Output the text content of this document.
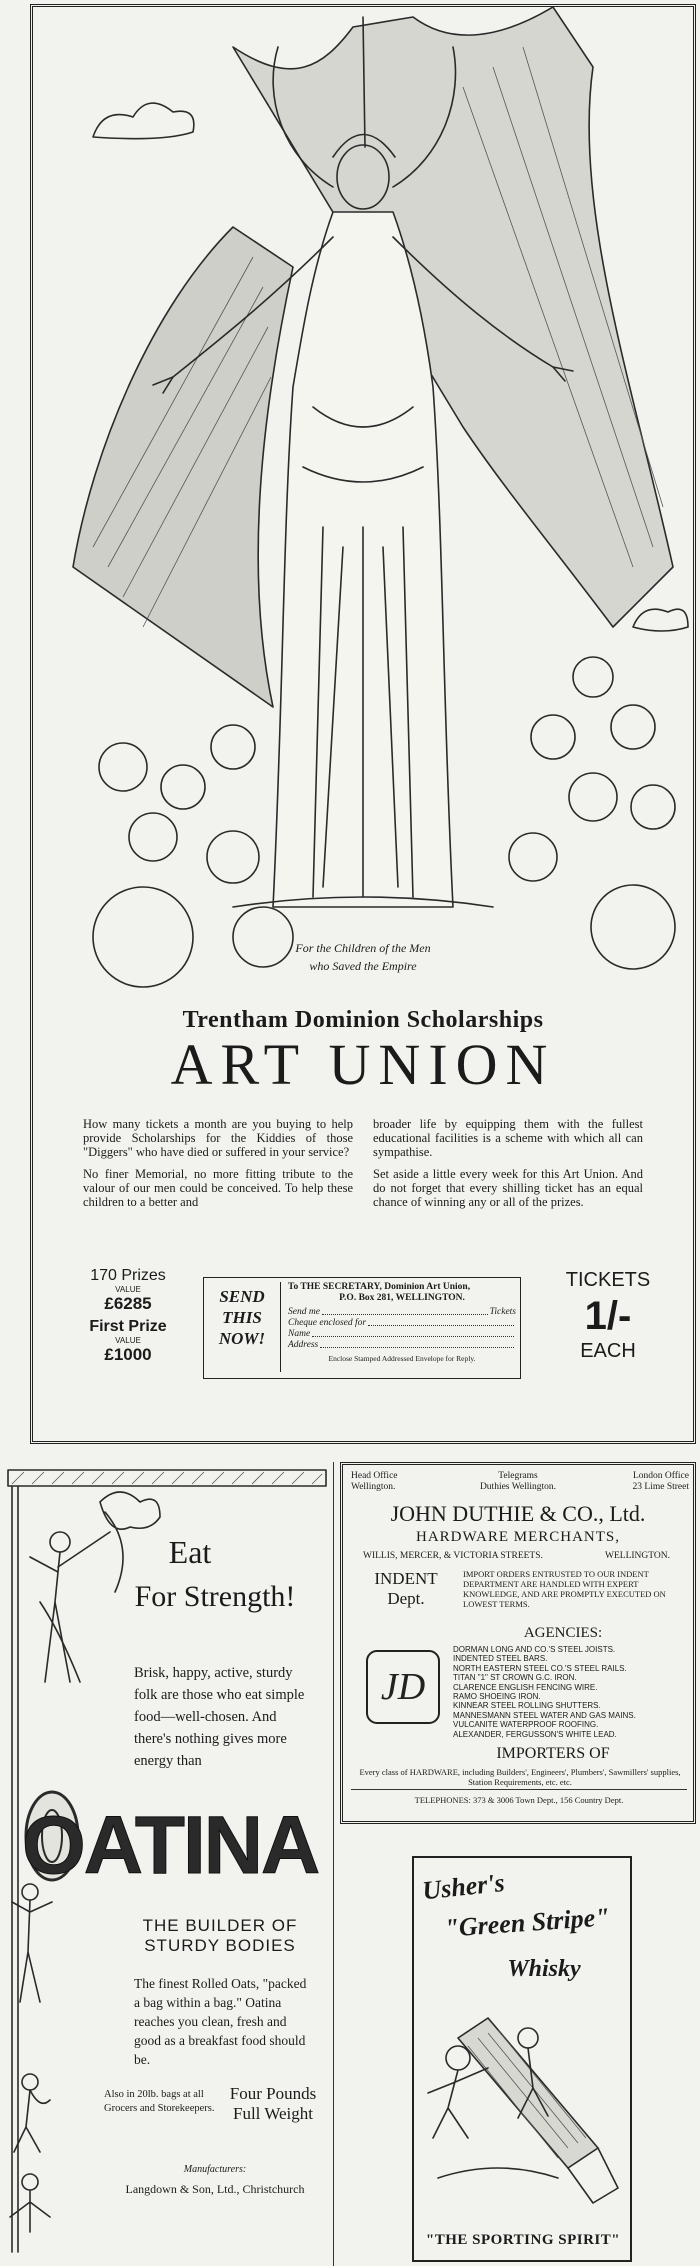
For the Children of the Men
who Saved the Empire
Trentham Dominion Scholarships
ART UNION
How many tickets a month are you buying to help provide Scholarships for the Kiddies of those "Diggers" who have died or suffered in your service?
No finer Memorial, no more fitting tribute to the valour of our men could be conceived. To help these children to a better and
broader life by equipping them with the fullest educational facilities is a scheme with which all can sympathise.
Set aside a little every week for this Art Union. And do not forget that every shilling ticket has an equal chance of winning any or all of the prizes.
170 Prizes
VALUE
£6285
First Prize
VALUE
£1000
SEND
THIS
NOW!
To THE SECRETARY, Dominion Art Union,
P.O. Box 281, WELLINGTON.
Send me	Tickets
Cheque enclosed for
Name
Address
Enclose Stamped Addressed Envelope for Reply.
TICKETS
1/-
EACH
Eat
For Strength!
Brisk, happy, active, sturdy folk are those who eat simple food—well-chosen. And there's nothing gives more energy than
OATINA
THE BUILDER OF
STURDY BODIES
The finest Rolled Oats, "packed a bag within a bag." Oatina reaches you clean, fresh and good as a breakfast food should be.
Also in 20lb. bags at all Grocers and Storekeepers.
Four Pounds
Full Weight
Manufacturers:
Langdown & Son, Ltd., Christchurch
Head Office
Wellington.
Telegrams
Duthies Wellington.
London Office
23 Lime Street
JOHN DUTHIE & CO., Ltd.
HARDWARE MERCHANTS,
WILLIS, MERCER, & VICTORIA STREETS.	WELLINGTON.
INDENT
Dept.
IMPORT ORDERS ENTRUSTED TO OUR INDENT DEPARTMENT ARE HANDLED WITH EXPERT KNOWLEDGE, AND ARE PROMPTLY EXECUTED ON LOWEST TERMS.
AGENCIES:
JD
DORMAN LONG AND CO.'S STEEL JOISTS.
INDENTED STEEL BARS.
NORTH EASTERN STEEL CO.'S STEEL RAILS.
TITAN "1" ST CROWN G.C. IRON.
CLARENCE ENGLISH FENCING WIRE.
RAMO SHOEING IRON.
KINNEAR STEEL ROLLING SHUTTERS.
MANNESMANN STEEL WATER AND GAS MAINS.
VULCANITE WATERPROOF ROOFING.
ALEXANDER, FERGUSSON'S WHITE LEAD.
IMPORTERS OF
Every class of HARDWARE, including Builders', Engineers', Plumbers', Sawmillers' supplies, Station Requirements, etc. etc.
TELEPHONES: 373 & 3006 Town Dept., 156 Country Dept.
Usher's
"Green Stripe"
Whisky
"THE SPORTING SPIRIT"
